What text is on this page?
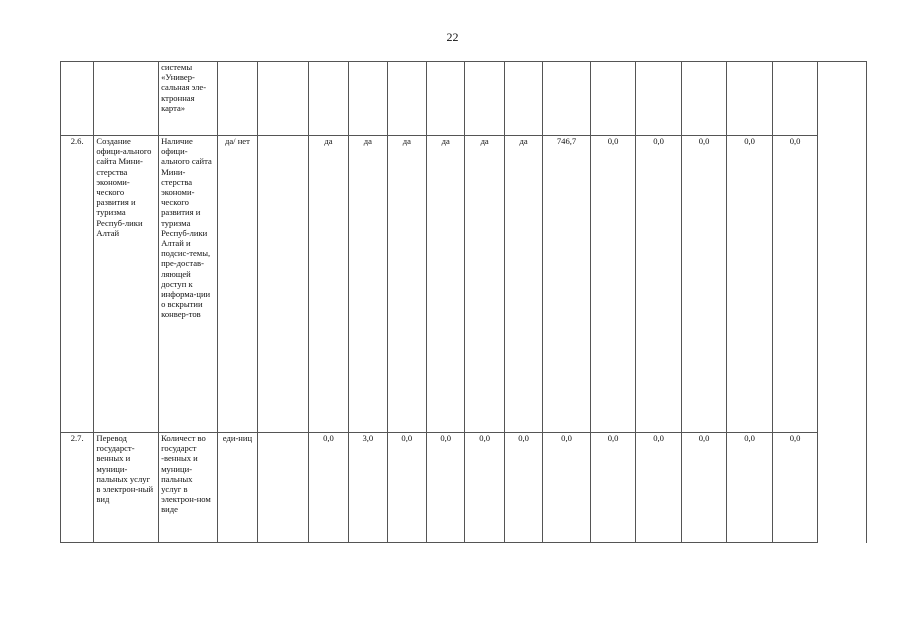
22
		системы «Универ-сальная эле-ктронная карта»															
2.6.	Создание офици-ального сайта Мини-стерства экономи-ческого развития и туризма Респуб-лики Алтай	Наличие офици-ального сайта Мини-стерства экономи-ческого развития и туризма Респуб-лики Алтай и подсис-темы, пре-достав-ляющей доступ к информа-ции о вскрытии конвер-тов	да/ нет		да	да	да	да	да	да	746,7	0,0	0,0	0,0	0,0	0,0	
2.7.	Перевод государст-венных и муници-пальных услуг в электрон-ный вид	Количест во государст -венных и муници-пальных услуг в электрон-ном виде	еди-ниц		0,0	3,0	0,0	0,0	0,0	0,0	0,0	0,0	0,0	0,0	0,0	0,0	
